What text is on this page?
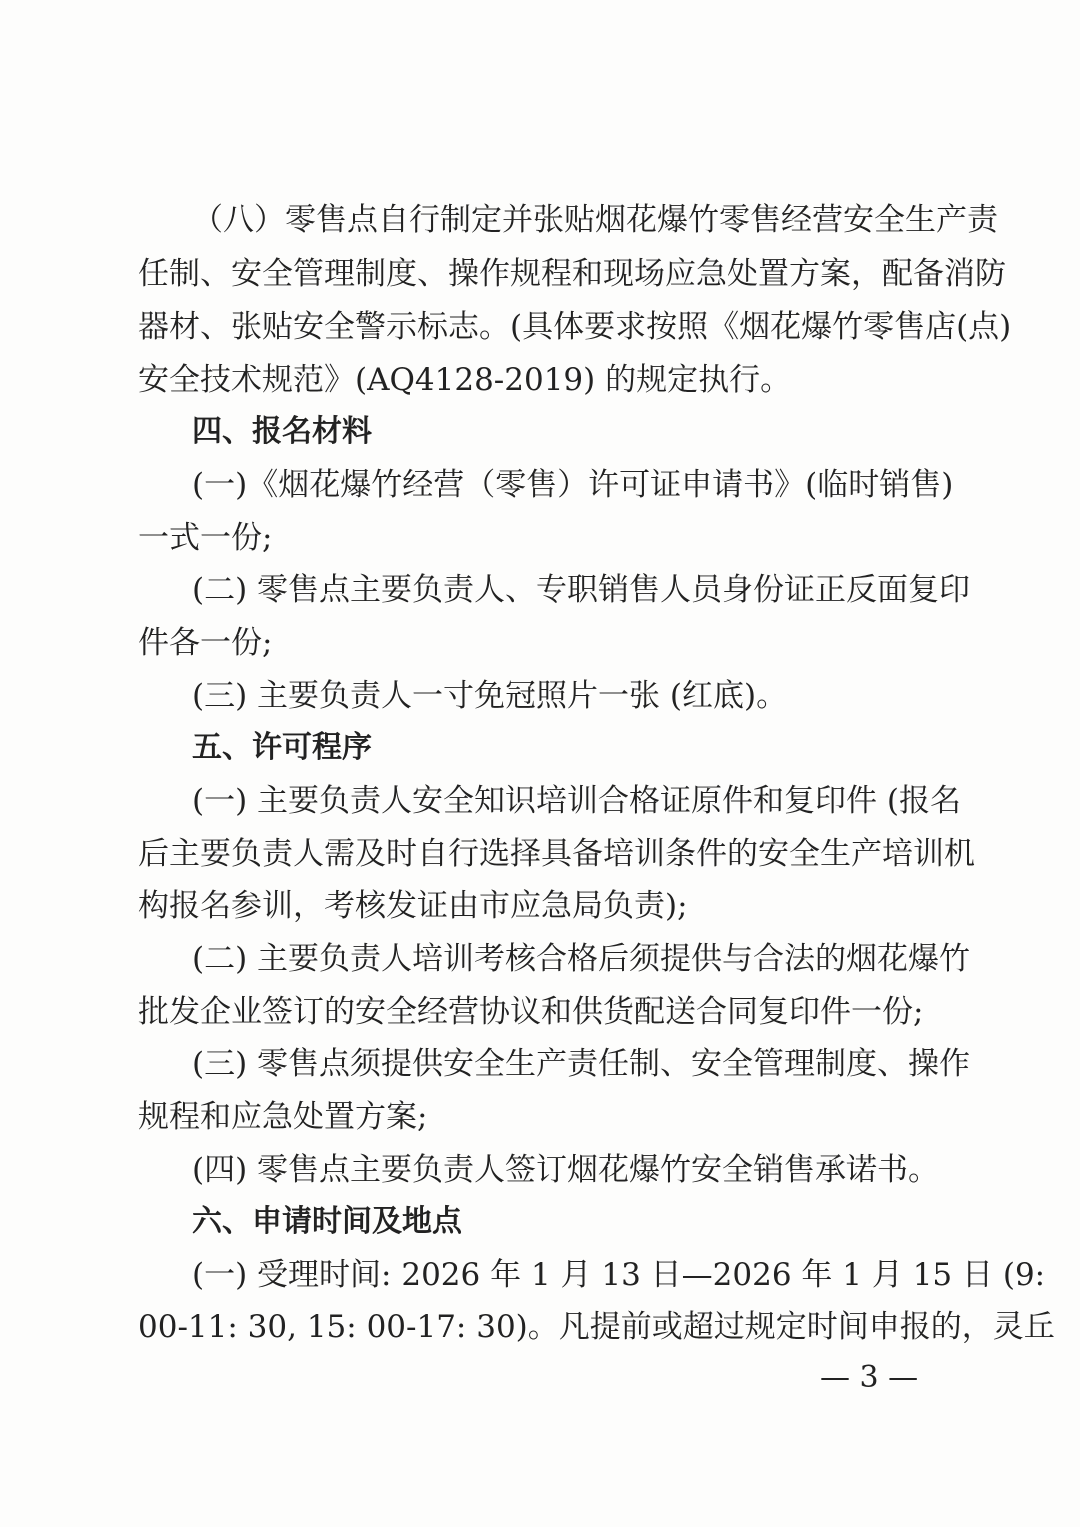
（八）零售点自行制定并张贴烟花爆竹零售经营安全生产责
任制、安全管理制度、操作规程和现场应急处置方案，配备消防
器材、张贴安全警示标志。(具体要求按照《烟花爆竹零售店(点)
安全技术规范》(AQ4128-2019) 的规定执行。
四、报名材料
(一)《烟花爆竹经营（零售）许可证申请书》(临时销售)
一式一份;
(二) 零售点主要负责人、专职销售人员身份证正反面复印
件各一份;
(三) 主要负责人一寸免冠照片一张 (红底)。
五、许可程序
(一) 主要负责人安全知识培训合格证原件和复印件 (报名
后主要负责人需及时自行选择具备培训条件的安全生产培训机
构报名参训，考核发证由市应急局负责);
(二) 主要负责人培训考核合格后须提供与合法的烟花爆竹
批发企业签订的安全经营协议和供货配送合同复印件一份;
(三) 零售点须提供安全生产责任制、安全管理制度、操作
规程和应急处置方案;
(四) 零售点主要负责人签订烟花爆竹安全销售承诺书。
六、申请时间及地点
(一) 受理时间: 2026 年 1 月 13 日—2026 年 1 月 15 日 (9:
00-11: 30, 15: 00-17: 30)。凡提前或超过规定时间申报的，灵丘
— 3 —
